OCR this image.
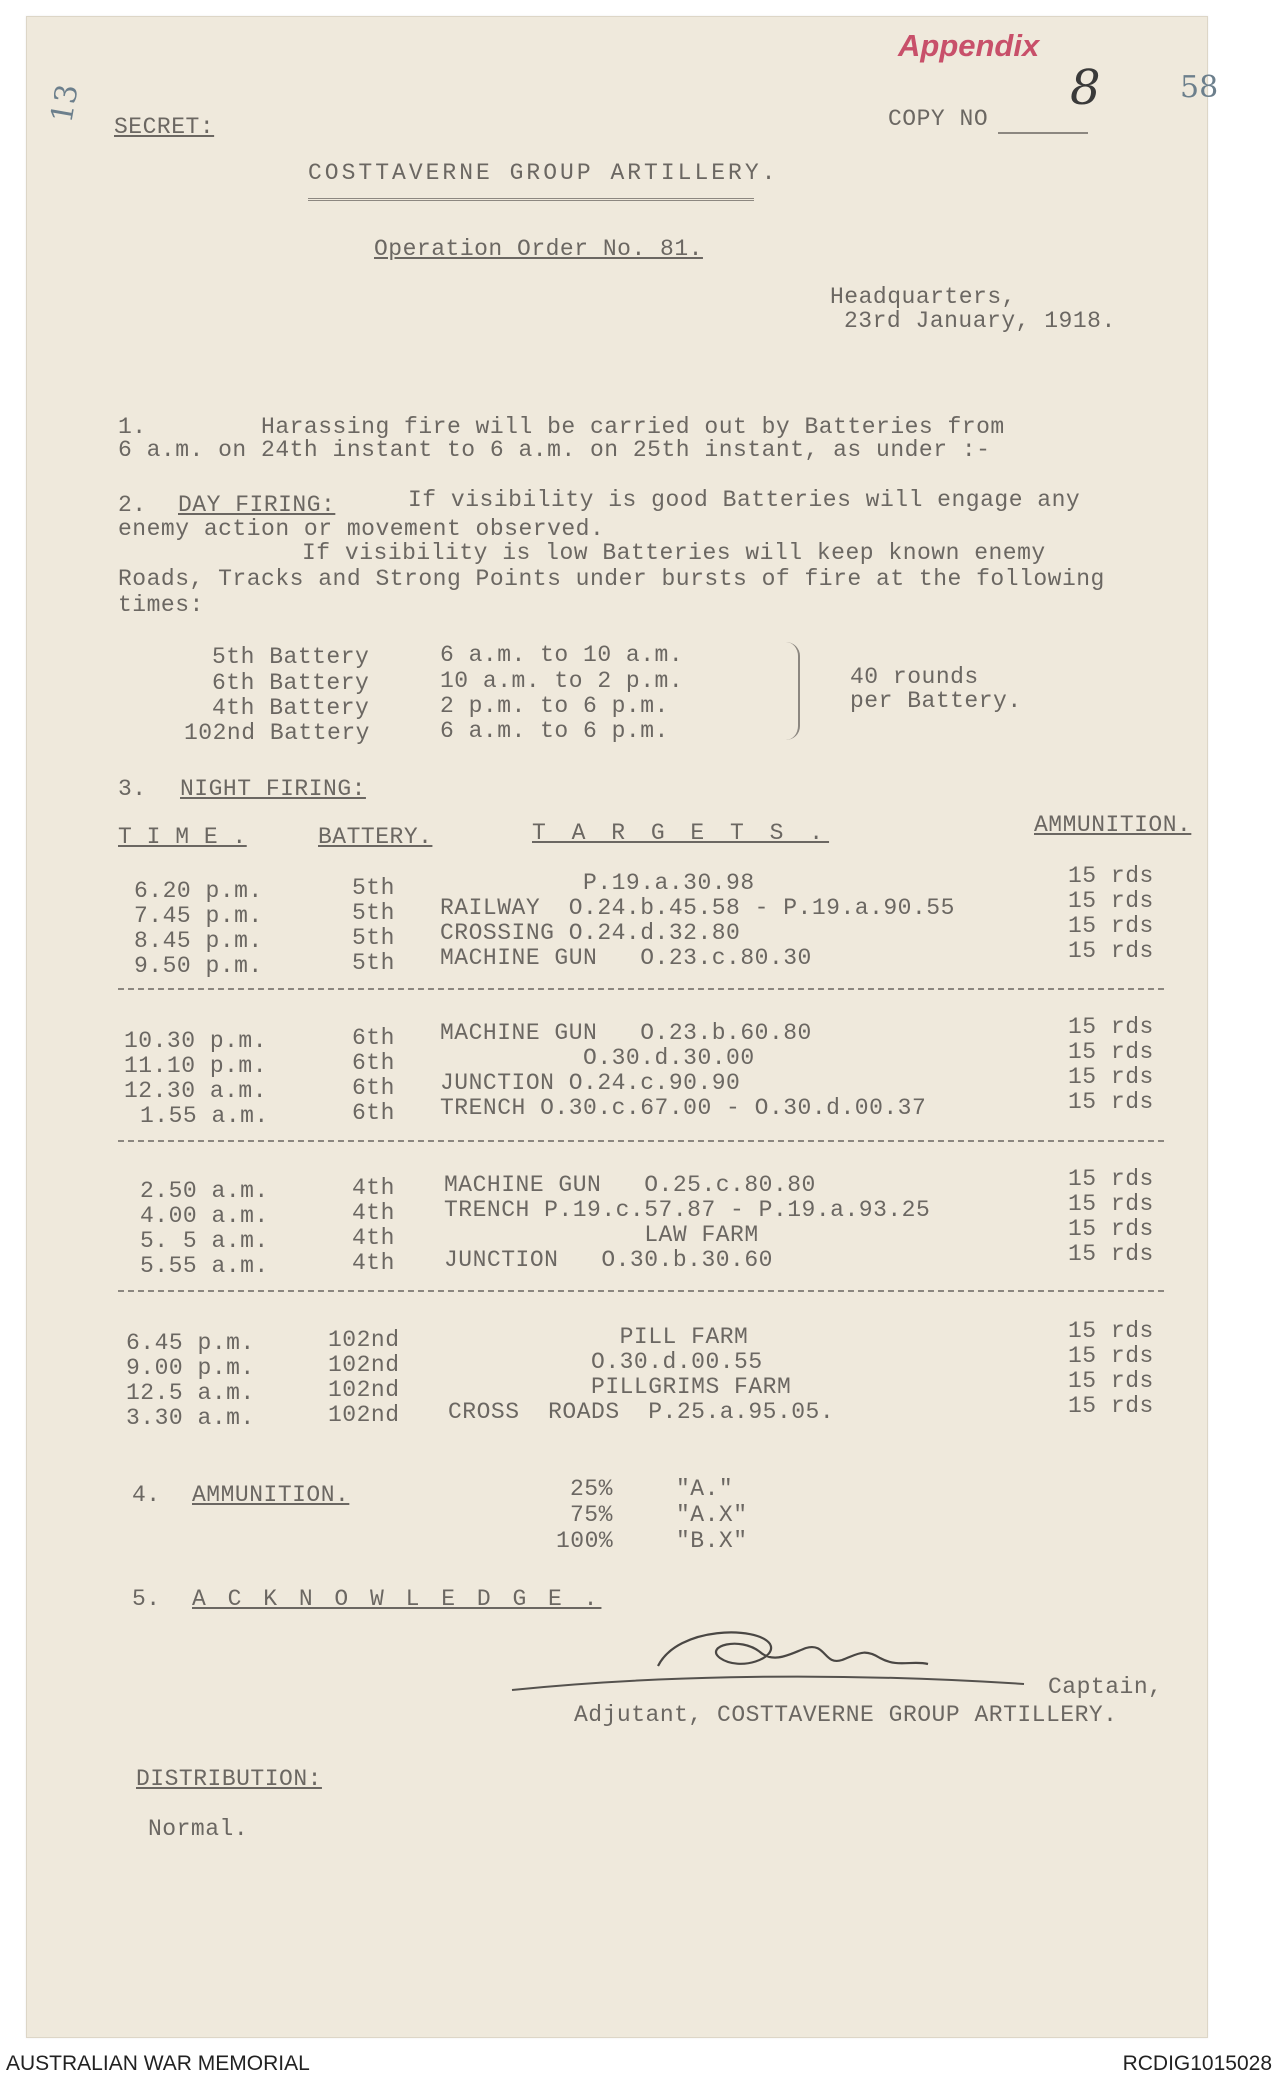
13	58
Appendix
8
SECRET:	COPY NO
COSTTAVERNE GROUP ARTILLERY.
Operation Order No. 81.
Headquarters,
23rd January, 1918.
1.        Harassing fire will be carried out by Batteries from
6 a.m. on 24th instant to 6 a.m. on 25th instant, as under :-
2. DAY FIRING:	If visibility is good Batteries will engage any
enemy action or movement observed.
If visibility is low Batteries will keep known enemy
Roads, Tracks and Strong Points under bursts of fire at the following
times:
5th Battery	6 a.m. to 10 a.m.
6th Battery	10 a.m. to 2 p.m.
4th Battery	2 p.m. to 6 p.m.
102nd Battery	6 a.m. to 6 p.m.
40 rounds
per Battery.
3. NIGHT FIRING:
T I M E .	BATTERY.	T A R G E T S .	AMMUNITION.
6.20 p.m.	5th P.19.a.30.98	15 rds
7.45 p.m.	5th RAILWAY  O.24.b.45.58 - P.19.a.90.55	15 rds
8.45 p.m.	5th CROSSING O.24.d.32.80	15 rds
9.50 p.m.	5th MACHINE GUN   O.23.c.80.30	15 rds
10.30 p.m.	6th MACHINE GUN   O.23.b.60.80	15 rds
11.10 p.m.	6th O.30.d.30.00	15 rds
12.30 a.m.	6th JUNCTION O.24.c.90.90	15 rds
1.55 a.m.	6th TRENCH O.30.c.67.00 - O.30.d.00.37	15 rds
2.50 a.m.	4th MACHINE GUN   O.25.c.80.80	15 rds
4.00 a.m.	4th TRENCH P.19.c.57.87 - P.19.a.93.25	15 rds
5. 5 a.m.	4th LAW FARM	15 rds
5.55 a.m.	4th JUNCTION   O.30.b.30.60	15 rds
6.45 p.m.	102nd PILL FARM	15 rds
9.00 p.m.	102nd O.30.d.00.55	15 rds
12.5 a.m.	102nd PILLGRIMS FARM	15 rds
3.30 a.m.	102nd CROSS  ROADS  P.25.a.95.05.	15 rds
4. AMMUNITION.	25%	"A."
75%	"A.X"
100%	"B.X"
5. A C K N O W L E D G E .
Captain,
Adjutant, COSTTAVERNE GROUP ARTILLERY.
DISTRIBUTION:
Normal.
AUSTRALIAN WAR MEMORIAL	RCDIG1015028
